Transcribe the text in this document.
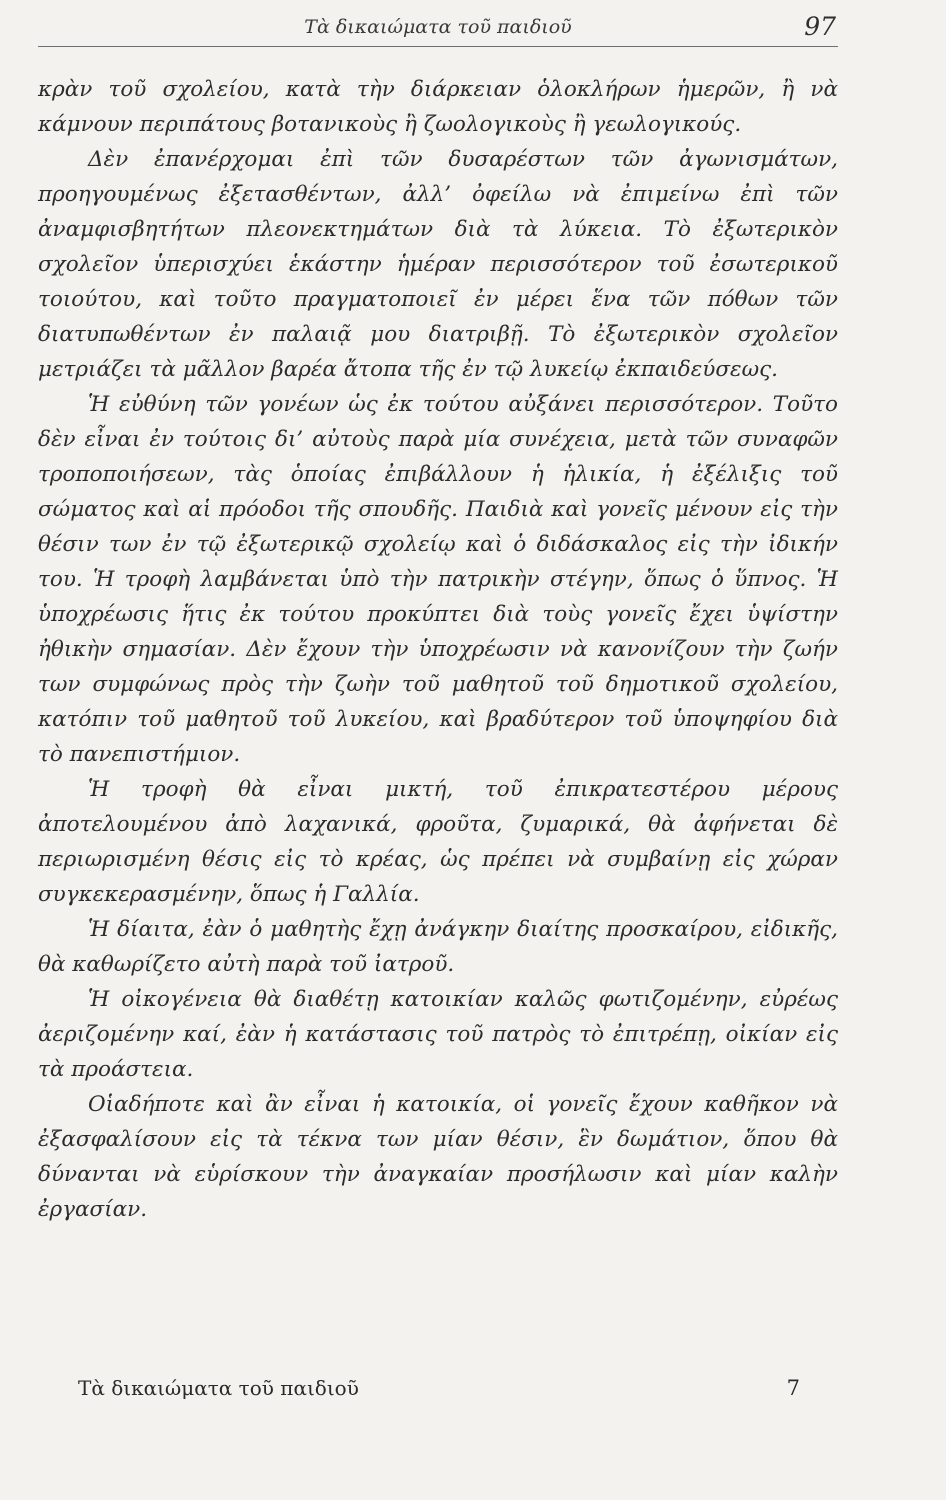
Τὰ δικαιώματα τοῦ παιδιοῦ	97

κρὰν τοῦ σχολείου, κατὰ τὴν διάρκειαν ὁλοκλήρων ἡμερῶν, ἢ νὰ κάμνουν περιπάτους βοτανικοὺς ἢ ζωολογικοὺς ἢ γεωλογικούς.

Δὲν ἐπανέρχομαι ἐπὶ τῶν δυσαρέστων τῶν ἀγωνισμάτων, προηγουμένως ἐξετασθέντων, ἀλλ’ ὀφείλω νὰ ἐπιμείνω ἐπὶ τῶν ἀναμφισβητήτων πλεονεκτημάτων διὰ τὰ λύκεια. Τὸ ἐξωτερικὸν σχολεῖον ὑπερισχύει ἑκάστην ἡμέραν περισσότερον τοῦ ἐσωτερικοῦ τοιούτου, καὶ τοῦτο πραγματοποιεῖ ἐν μέρει ἕνα τῶν πόθων τῶν διατυπωθέντων ἐν παλαιᾷ μου διατριβῇ. Τὸ ἐξωτερικὸν σχολεῖον μετριάζει τὰ μᾶλλον βαρέα ἄτοπα τῆς ἐν τῷ λυκείῳ ἐκπαιδεύσεως.

Ἡ εὐθύνη τῶν γονέων ὡς ἐκ τούτου αὐξάνει περισσότερον. Τοῦτο δὲν εἶναι ἐν τούτοις δι’ αὐτοὺς παρὰ μία συνέχεια, μετὰ τῶν συναφῶν τροποποιήσεων, τὰς ὁποίας ἐπιβάλλουν ἡ ἡλικία, ἡ ἐξέλιξις τοῦ σώματος καὶ αἱ πρόοδοι τῆς σπουδῆς. Παιδιὰ καὶ γονεῖς μένουν εἰς τὴν θέσιν των ἐν τῷ ἐξωτερικῷ σχολείῳ καὶ ὁ διδάσκαλος εἰς τὴν ἰδικήν του. Ἡ τροφὴ λαμβάνεται ὑπὸ τὴν πατρικὴν στέγην, ὅπως ὁ ὕπνος. Ἡ ὑποχρέωσις ἥτις ἐκ τούτου προκύπτει διὰ τοὺς γονεῖς ἔχει ὑψίστην ἠθικὴν σημασίαν. Δὲν ἔχουν τὴν ὑποχρέωσιν νὰ κανονίζουν τὴν ζωήν των συμφώνως πρὸς τὴν ζωὴν τοῦ μαθητοῦ τοῦ δημοτικοῦ σχολείου, κατόπιν τοῦ μαθητοῦ τοῦ λυκείου, καὶ βραδύτερον τοῦ ὑποψηφίου διὰ τὸ πανεπιστήμιον.

Ἡ τροφὴ θὰ εἶναι μικτή, τοῦ ἐπικρατεστέρου μέρους ἀποτελουμένου ἀπὸ λαχανικά, φροῦτα, ζυμαρικά, θὰ ἀφήνεται δὲ περιωρισμένη θέσις εἰς τὸ κρέας, ὡς πρέπει νὰ συμβαίνῃ εἰς χώραν συγκεκερασμένην, ὅπως ἡ Γαλλία.

Ἡ δίαιτα, ἐὰν ὁ μαθητὴς ἔχῃ ἀνάγκην διαίτης προσκαίρου, εἰδικῆς, θὰ καθωρίζετο αὐτὴ παρὰ τοῦ ἰατροῦ.

Ἡ οἰκογένεια θὰ διαθέτῃ κατοικίαν καλῶς φωτιζομένην, εὐρέως ἀεριζομένην καί, ἐὰν ἡ κατάστασις τοῦ πατρὸς τὸ ἐπιτρέπῃ, οἰκίαν εἰς τὰ προάστεια.

Οἱαδήποτε καὶ ἂν εἶναι ἡ κατοικία, οἱ γονεῖς ἔχουν καθῆκον νὰ ἐξασφαλίσουν εἰς τὰ τέκνα των μίαν θέσιν, ἓν δωμάτιον, ὅπου θὰ δύνανται νὰ εὑρίσκουν τὴν ἀναγκαίαν προσήλωσιν καὶ μίαν καλὴν ἐργασίαν.

Τὰ δικαιώματα τοῦ παιδιοῦ	7
